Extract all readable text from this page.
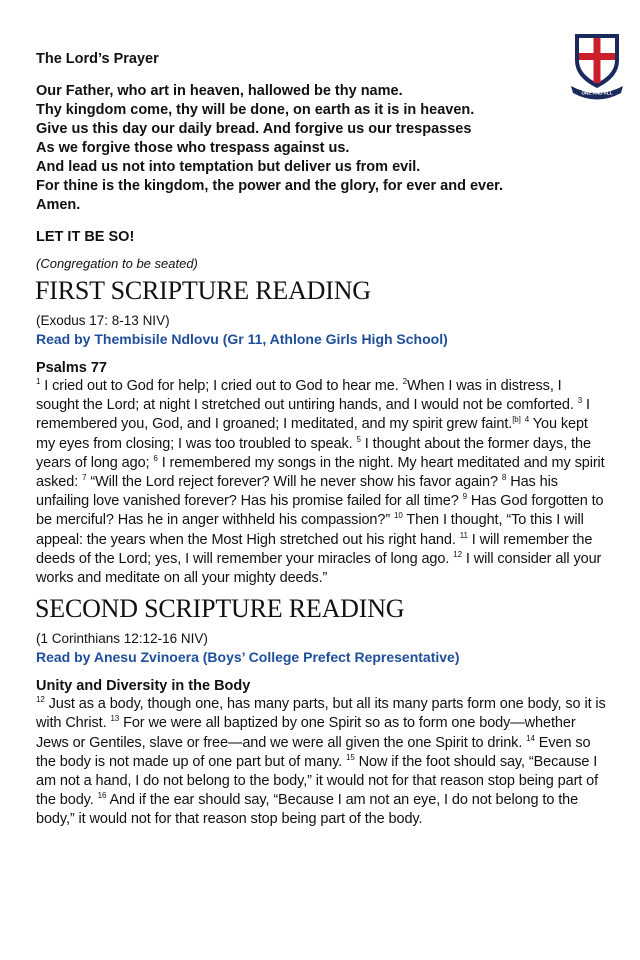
ONE AND ALL
The Lord’s Prayer
Our Father, who art in heaven, hallowed be thy name.
Thy kingdom come, thy will be done, on earth as it is in heaven.
Give us this day our daily bread. And forgive us our trespasses
As we forgive those who trespass against us.
And lead us not into temptation but deliver us from evil.
For thine is the kingdom, the power and the glory, for ever and ever.
Amen.
LET IT BE SO!
(Congregation to be seated)
FIRST SCRIPTURE READING
(Exodus 17: 8-13 NIV)
Read by Thembisile Ndlovu (Gr 11, Athlone Girls High School)
Psalms 77
$^1$ I cried out to God for help; I cried out to God to hear me. $^2$When I was in distress, I sought the Lord; at night I stretched out untiring hands, and I would not be comforted. $^3$ I remembered you, God, and I groaned; I meditated, and my spirit grew faint.[b] $^4$ You kept my eyes from closing; I was too troubled to speak. $^5$ I thought about the former days, the years of long ago; $^6$ I remembered my songs in the night. My heart meditated and my spirit asked: $^7$ “Will the Lord reject forever? Will he never show his favor again? $^8$ Has his unfailing love vanished forever? Has his promise failed for all time? $^9$ Has God forgotten to be merciful? Has he in anger withheld his compassion?” $^{10}$ Then I thought, “To this I will appeal: the years when the Most High stretched out his right hand. $^{11}$ I will remember the deeds of the Lord; yes, I will remember your miracles of long ago. $^{12}$ I will consider all your works and meditate on all your mighty deeds.”
SECOND SCRIPTURE READING
(1 Corinthians 12:12-16 NIV)
Read by Anesu Zvinoera (Boys’ College Prefect Representative)
Unity and Diversity in the Body
$^{12}$ Just as a body, though one, has many parts, but all its many parts form one body, so it is with Christ. $^{13}$ For we were all baptized by one Spirit so as to form one body—whether Jews or Gentiles, slave or free—and we were all given the one Spirit to drink. $^{14}$ Even so the body is not made up of one part but of many. $^{15}$ Now if the foot should say, “Because I am not a hand, I do not belong to the body,” it would not for that reason stop being part of the body. $^{16}$ And if the ear should say, “Because I am not an eye, I do not belong to the body,” it would not for that reason stop being part of the body.
